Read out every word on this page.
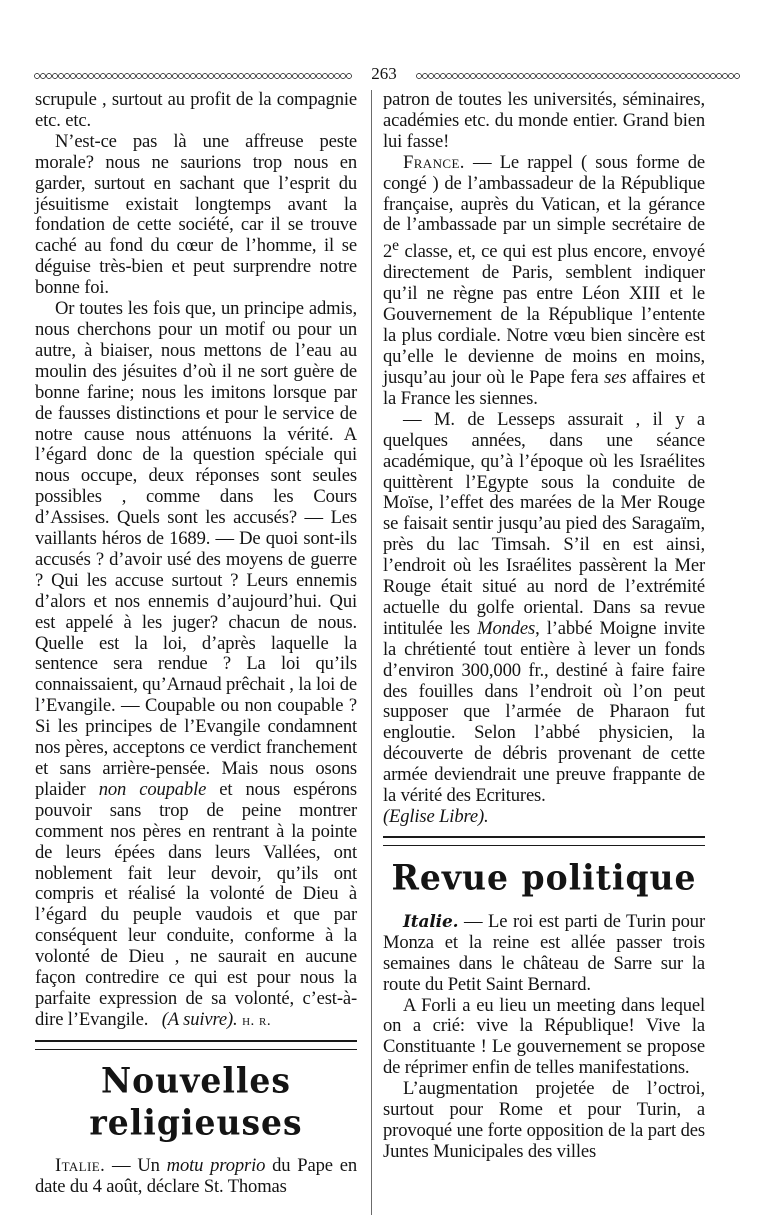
263

scrupule , surtout au profit de la compagnie etc. etc.

N’est-ce pas là une affreuse peste morale? nous ne saurions trop nous en garder, surtout en sachant que l’esprit du jésuitisme existait longtemps avant la fondation de cette société, car il se trouve caché au fond du cœur de l’homme, il se déguise très-bien et peut surprendre notre bonne foi.

Or toutes les fois que, un principe admis, nous cherchons pour un motif ou pour un autre, à biaiser, nous mettons de l’eau au moulin des jésuites d’où il ne sort guère de bonne farine; nous les imitons lorsque par de fausses distinctions et pour le service de notre cause nous atténuons la vérité. A l’égard donc de la question spéciale qui nous occupe, deux réponses sont seules possibles , comme dans les Cours d’Assises. Quels sont les accusés? — Les vaillants héros de 1689. — De quoi sont-ils accusés ? d’avoir usé des moyens de guerre ? Qui les accuse surtout ? Leurs ennemis d’alors et nos ennemis d’aujourd’hui. Qui est appelé à les juger? chacun de nous. Quelle est la loi, d’après laquelle la sentence sera rendue ? La loi qu’ils connaissaient, qu’Arnaud prêchait , la loi de l’Evangile. — Coupable ou non coupable ? Si les principes de l’Evangile condamnent nos pères, acceptons ce verdict franchement et sans arrière-pensée. Mais nous osons plaider non coupable et nous espérons pouvoir sans trop de peine montrer comment nos pères en rentrant à la pointe de leurs épées dans leurs Vallées, ont noblement fait leur devoir, qu’ils ont compris et réalisé la volonté de Dieu à l’égard du peuple vaudois et que par conséquent leur conduite, conforme à la volonté de Dieu , ne saurait en aucune façon contredire ce qui est pour nous la parfaite expression de sa volonté, c’est-à-dire l’Evangile. (A suivre). h. r.

Nouvelles religieuses

Italie. — Un motu proprio du Pape en date du 4 août, déclare St. Thomas

patron de toutes les universités, séminaires, académies etc. du monde entier. Grand bien lui fasse!

France. — Le rappel ( sous forme de congé ) de l’ambassadeur de la République française, auprès du Vatican, et la gérance de l’ambassade par un simple secrétaire de 2e classe, et, ce qui est plus encore, envoyé directement de Paris, semblent indiquer qu’il ne règne pas entre Léon XIII et le Gouvernement de la République l’entente la plus cordiale. Notre vœu bien sincère est qu’elle le devienne de moins en moins, jusqu’au jour où le Pape fera ses affaires et la France les siennes.

— M. de Lesseps assurait , il y a quelques années, dans une séance académique, qu’à l’époque où les Israélites quittèrent l’Egypte sous la conduite de Moïse, l’effet des marées de la Mer Rouge se faisait sentir jusqu’au pied des Saragaïm, près du lac Timsah. S’il en est ainsi, l’endroit où les Israélites passèrent la Mer Rouge était situé au nord de l’extrémité actuelle du golfe oriental. Dans sa revue intitulée les Mondes, l’abbé Moigne invite la chrétienté tout entière à lever un fonds d’environ 300,000 fr., destiné à faire faire des fouilles dans l’endroit où l’on peut supposer que l’armée de Pharaon fut engloutie. Selon l’abbé physicien, la découverte de débris provenant de cette armée deviendrait une preuve frappante de la vérité des Ecritures.

(Eglise Libre).

Revue politique

Italie. — Le roi est parti de Turin pour Monza et la reine est allée passer trois semaines dans le château de Sarre sur la route du Petit Saint Bernard.

A Forli a eu lieu un meeting dans lequel on a crié: vive la République! Vive la Constituante ! Le gouvernement se propose de réprimer enfin de telles manifestations.

L’augmentation projetée de l’octroi, surtout pour Rome et pour Turin, a provoqué une forte opposition de la part des Juntes Municipales des villes
